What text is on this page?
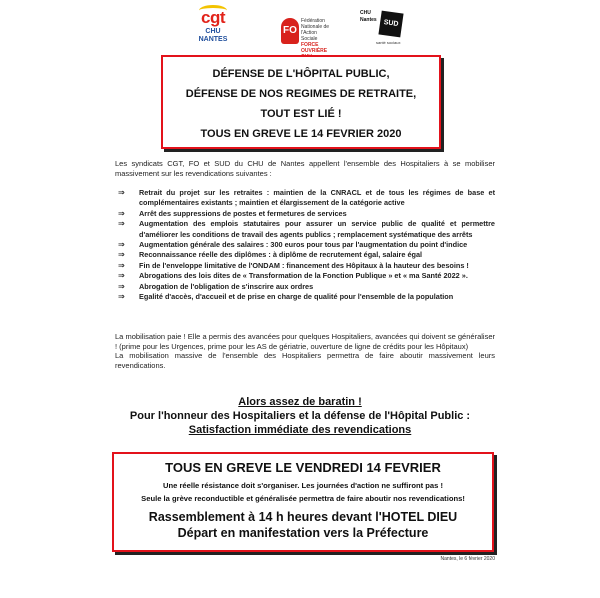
cgt
CHU
NANTES
FO
Fédération Nationale de l'Action Sociale
FORCE OUVRIÈRE
CHU
Nantes SUD
santé sociaux

DÉFENSE DE L'HÔPITAL PUBLIC,

DÉFENSE DE NOS REGIMES DE RETRAITE,

TOUT EST LIÉ !

TOUS EN GREVE LE 14 FEVRIER 2020

Les syndicats CGT, FO et SUD du CHU de Nantes appellent l'ensemble des Hospitaliers à se mobiliser massivement sur les revendications suivantes :
⇒ Retrait du projet sur les retraites : maintien de la CNRACL et de tous les régimes de base et complémentaires existants ; maintien et élargissement de la catégorie active
⇒ Arrêt des suppressions de postes et fermetures de services
⇒ Augmentation des emplois statutaires pour assurer un service public de qualité et permettre d'améliorer les conditions de travail des agents publics ; remplacement systématique des arrêts
⇒ Augmentation générale des salaires : 300 euros pour tous par l'augmentation du point d'indice
⇒ Reconnaissance réelle des diplômes : à diplôme de recrutement égal, salaire égal
⇒ Fin de l'enveloppe limitative de l'ONDAM : financement des Hôpitaux à la hauteur des besoins !
⇒ Abrogations des lois dites de « Transformation de la Fonction Publique » et « ma Santé 2022 ».
⇒ Abrogation de l'obligation de s'inscrire aux ordres
⇒ Egalité d'accès, d'accueil et de prise en charge de qualité pour l'ensemble de la population
La mobilisation paie ! Elle a permis des avancées pour quelques Hospitaliers, avancées qui doivent se généraliser ! (prime pour les Urgences, prime pour les AS de gériatrie, ouverture de ligne de crédits pour les Hôpitaux)
La mobilisation massive de l'ensemble des Hospitaliers permettra de faire aboutir massivement leurs revendications.
Alors assez de baratin !
Pour l'honneur des Hospitaliers et la défense de l'Hôpital Public :
Satisfaction immédiate des revendications
TOUS EN GREVE LE VENDREDI 14 FEVRIER
Une réelle résistance doit s'organiser. Les journées d'action ne suffiront pas !
Seule la grève reconductible et généralisée permettra de faire aboutir nos revendications!
Rassemblement à 14 h heures devant l'HOTEL DIEU
Départ en manifestation vers la Préfecture
Nantes, le 6 février 2020
